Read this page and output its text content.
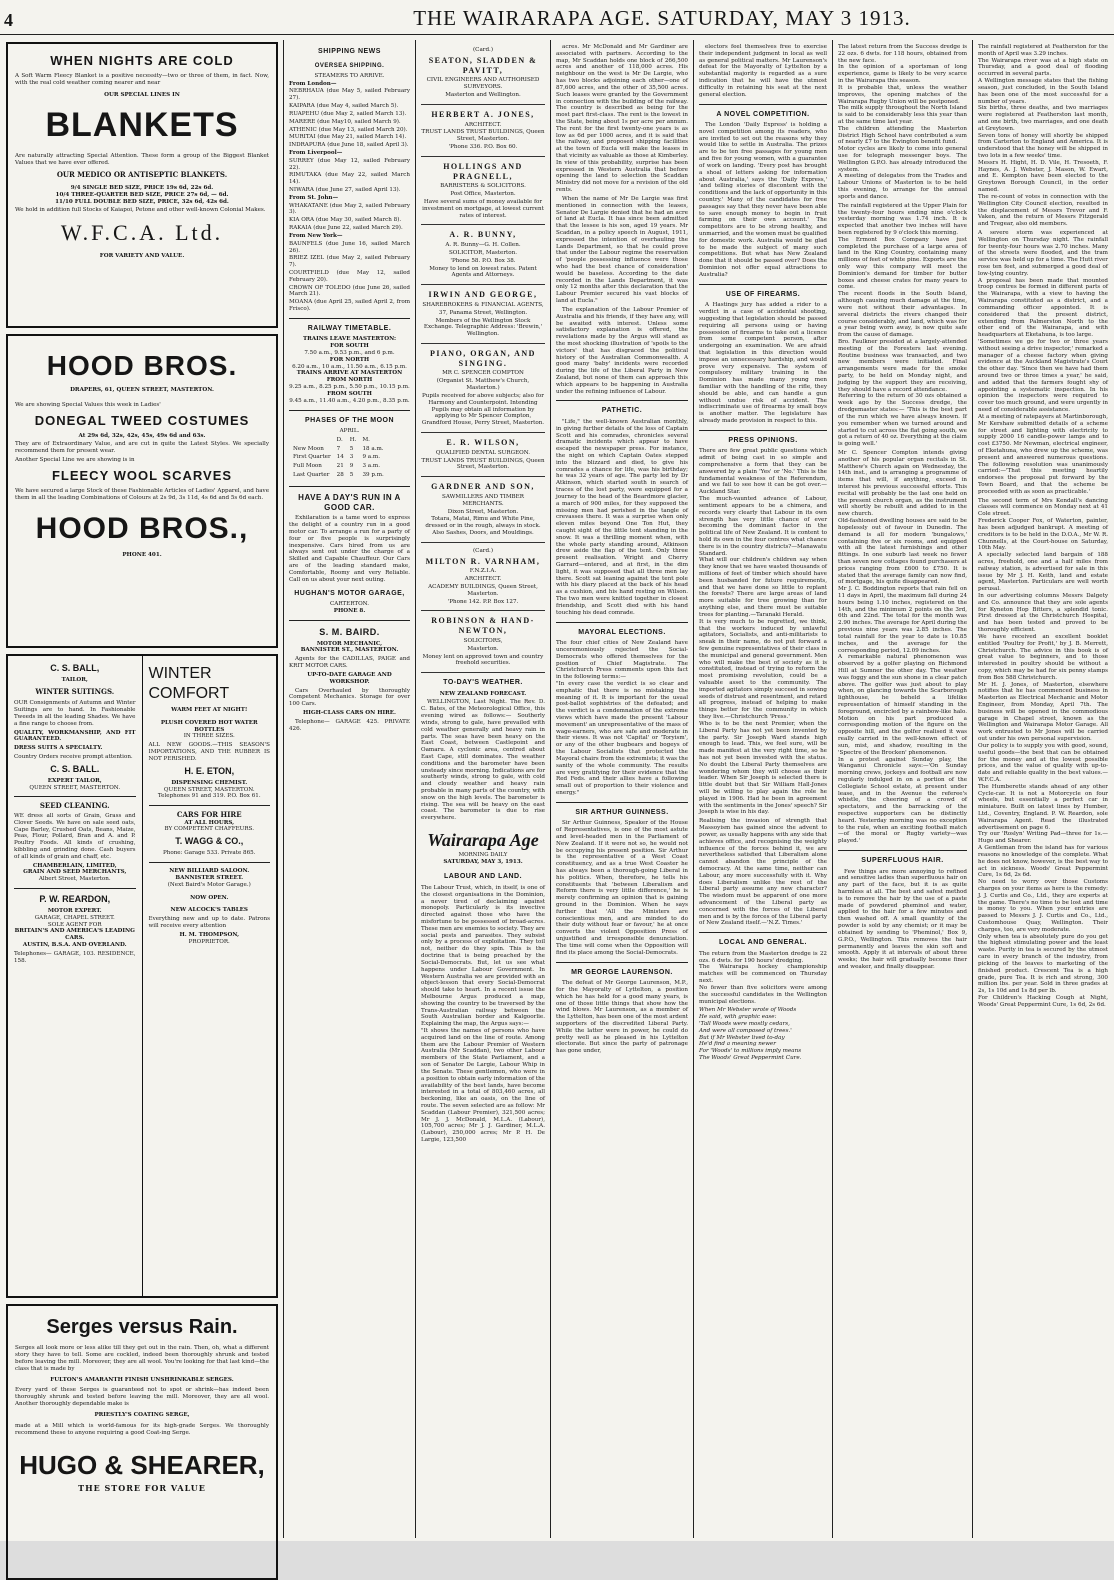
4	THE WAIRARAPA AGE. SATURDAY, MAY 3 1913.
WHEN NIGHTS ARE COLD

A Soft Warm Fleecy Blanket is a positive necessity—two or three of them, in fact. Now, with the real cold weather coming nearer and near

OUR SPECIAL LINES IN
BLANKETS

Are naturally attracting Special Attention. These form a group of the Biggest Blanket Values that we have ever offered.

OUR MEDICO OR ANTISEPTIC BLANKETS.
9/4 SINGLE BED SIZE, PRICE 19s 6d, 22s 6d.
10/4 THREE-QUARTER BED SIZE, PRICE 27s 6d, — 6d.
11/10 FULL DOUBLE BED SIZE, PRICE, 32s 6d, 42s 6d.

We hold in addition full Stocks of Kaiapoi, Petone and other well-known Colonial Makes.

W.F.C.A. Ltd.
FOR VARIETY AND VALUE.
HOOD BROS.
DRAPERS, 61, QUEEN STREET, MASTERTON.

We are showing Special Values this week in Ladies'

DONEGAL TWEED COSTUMES
At 29s 6d, 32s, 42s, 45s, 49s 6d and 63s.

They are of Extraordinary Value, and are cut in quite the Latest Styles. We specially recommend them for present wear.

Another Special Line we are showing is in

FLEECY WOOL SCARVES

We have secured a large Stock of these Fashionable Articles of Ladies' Apparel, and have them in all the leading Combinations of Colours at 2s 9d, 3s 11d, 4s 6d and 5s 6d each.

HOOD BROS.,
PHONE 401.
C. S. BALL,
TAILOR,
WINTER SUITINGS.

OUR Consignments of Autumn and Winter Suitings are to hand. In Fashionable Tweeds in all the leading Shades. We have a fine range to choose from.

QUALITY, WORKMANSHIP, AND FIT GUARANTEED.

DRESS SUITS A SPECIALTY.

Country Orders receive prompt attention.

C. S. BALL.
EXPERT TAILOR,
QUEEN STREET, MASTERTON.
SEED CLEANING.

WE dress all sorts of Grain, Grass and Clover Seeds. We have on sale seed oats, Cape Barley, Crushed Oats, Beans, Maize, Peas, Flour, Pollard, Bran and A. and P. Poultry Foods. All kinds of crushing, kibbling and grinding done. Cash buyers of all kinds of grain and chaff, etc.

CHAMBERLAIN, LIMITED,
GRAIN AND SEED MERCHANTS,
Albert Street, Masterton.
P. W. REARDON,
MOTOR EXPERT.
GARAGE, CHAPEL STREET.
SOLE AGENT FOR
BRITAIN'S AND AMERICA'S LEADING CARS.
AUSTIN, B.S.A. AND OVERLAND.

Telephones— GARAGE, 103. RESIDENCE, 158.

WINTER COMFORT
WARM FEET AT NIGHT!
PLUSH COVERED HOT WATER BOTTLES
IN THREE SIZES.

ALL NEW GOODS.—THIS SEASON'S IMPORTATIONS, AND THE RUBBER IS NOT PERISHED.

H. E. ETON,
DISPENSING CHEMIST.
QUEEN STREET, MASTERTON.
Telephones 91 and 319. P.O. Box 61.
CARS FOR HIRE
AT ALL HOURS,
BY COMPETENT CHAFFEURS.
T. WAGG & CO.,
Phone: Garage 533. Private 865.
NEW BILLIARD SALOON.
BANNISTER STREET.
(Next Baird's Motor Garage.)
NOW OPEN.
NEW ALCOCK'S TABLES

Everything new and up to date. Patrons will receive every attention

H. M. THOMPSON,
PROPRIETOR.
Serges versus Rain.

Serges all look more or less alike till they get out in the rain. Then, oh, what a different story they have to tell. Some are cockled, indeed been thoroughly shrunk and tested before leaving the mill. Moreover, they are all wool. You're looking for that last kind—the class that is made by

FULTON'S AMARANTH FINISH UNSHRINKABLE SERGES.

Every yard of these Serges is guaranteed not to spot or shrink—has indeed been thoroughly shrunk and tested before leaving the mill. Moreover, they are all wool. Another thoroughly dependable make is

PRIESTLY'S COATING SERGE,

made at a Mill which is world-famous for its high-grade Serges. We thoroughly recommend these to anyone requiring a good Coat-ing Serge.

HUGO & SHEARER,
THE STORE FOR VALUE
SHIPPING NEWS
OVERSEA SHIPPING.
STEAMERS TO ARRIVE.

From London—

NEBRHAUA (due May 5, sailed February 27).

KAIPARA (due May 4, sailed March 5).

RUAPEHU (due May 2, sailed March 13).

MARERE (due May10, sailed March 9).

ATHENIC (due May 13, sailed March 20).

MURITAI (due May 21, sailed March 14).

INDRAPURA (due June 18, sailed April 3).

From Liverpool—

SURREY (due May 12, sailed February 22).

RIMUTAKA (due May 22, sailed March 14).

NIWARA (due June 27, sailed April 13).

From St. John—

WHAKATANE (due May 2, sailed February 3).

KIA ORA (due May 30, sailed March 8).

RAKAIA (due June 22, sailed March 29).

From New York—

BAUNFELS (due June 16, sailed March 26).

BRIEZ IZEL (due May 2, sailed February 7).

COURTFIELD (due May 12, sailed February 20).

CROWN OF TOLEDO (due June 26, sailed March 21).

MOANA (due April 25, sailed April 2, from Frisco).

RAILWAY TIMETABLE.
TRAINS LEAVE MASTERTON:
FOR SOUTH
7.50 a.m., 9.53 p.m., and 6 p.m.
FOR NORTH
6.20 a.m., 10 a.m., 11.50 a.m., 6.15 p.m.
TRAINS ARRIVE AT MASTERTON
FROM NORTH
9.25 a.m., 8.25 p.m., 5.50 p.m., 10.15 p.m.
FROM SOUTH
9.45 a.m., 11.40 a.m., 4.20 p.m., 8.35 p.m.
PHASES OF THE MOON
APRIL.
	D.	H.	M.
New Moon	7	5	18 a.m.
First Quarter	14	3	9 a.m.
Full Moon	21	9	3 a.m.
Last Quarter	28	5	39 p.m.
HAVE A DAY'S RUN IN A GOOD CAR.

Exhilaration is a tame word to express the delight of a country run in a good motor car. To arrange a run for a party of four or five people is surprisingly inexpensive. Cars hired from us are always sent out under the charge of a Skilled and Capable Chauffeur. Our Cars are of the leading standard make, Comfortable, Roomy and very Reliable. Call on us about your next outing.

HUGHAN'S MOTOR GARAGE,
CARTERTON.
PHONE 8.
S. M. BAIRD.
MOTOR MECHANIC,
BANNISTER ST., MASTERTON.

Agents for the CADILLAS, PAIGE and KRIT MOTOR CARS.

UP-TO-DATE GARAGE AND WORKSHOP.

Cars Overhauled by thoroughly Competent Mechanics. Storage for over 100 Cars.

HIGH-CLASS CARS ON HIRE.

Telephone— GARAGE 425. PRIVATE 426.

(Card.)

SEATON, SLADDEN & PAVITT,

CIVIL ENGINEERS AND AUTHORISED SURVEYORS.

Masterton and Wellington.

HERBERT A. JONES,

ARCHITECT.

TRUST LANDS TRUST BUILDINGS, Queen Street, Masterton.

'Phone 336. P.O. Box 60.

HOLLINGS AND PRAGNELL,

BARRISTERS & SOLICITORS.

Post Office, Masterton.

Have several sums of money available for investment on mortgage, at lowest current rates of interest.

A. R. BUNNY,

A. R. Bunny—G. H. Collen.

SOLICITOR, Masterton.

'Phone 58. P.O. Box 38.

Money to lend on lowest rates. Patent Agents and Attorneys.

IRWIN AND GEORGE,

SHAREBROKERS & FINANCIAL AGENTS,

37, Panama Street, Wellington.

Members of the Wellington Stock Exchange. Telegraphic Address: 'Brewin,' Wellington.

PIANO, ORGAN, AND SINGING.

MR C. SPENCER COMPTON

(Organist St. Matthew's Church, Masterton.)

Pupils received for above subjects; also for Harmony and Counterpoint. Intending Pupils may obtain all information by applying to Mr Spencer Compton, Grandford House, Perry Street, Masterton.

E. R. WILSON,

QUALIFIED DENTAL SURGEON.

TRUST LANDS TRUST BUILDINGS, Queen Street, Masterton.

GARDNER AND SON,

SAWMILLERS AND TIMBER MERCHANTS.

Dixon Street, Masterton.

Totara, Matai, Rimu and White Pine, dressed or in the rough, always in stock. Also Sashes, Doors, and Mouldings.

(Card.)

MILTON R. VARNHAM,

F.N.Z.I.A.

ARCHITECT.

ACADEMY BUILDINGS, Queen Street, Masterton.

'Phone 142. P.P. Box 127.

ROBINSON & HAND-NEWTON,

SOLICITORS,

Masterton.

Money lent on approved town and country freehold securities.

TO-DAY'S WEATHER.
NEW ZEALAND FORECAST.

WELLINGTON, Last Night. The Rev. D. C. Bates, of the Meteorological Office, this evening wired as follows:— Southerly winds, strong to gale, have prevailed with cold weather generally and heavy rain in parts. The seas have been heavy on the East Coast, between Castlepoint and Oamaru. A cyclonic area, centred about East Cape, still dominates. The weather conditions and the barometer have been unsteady since morning. Indications are for southerly winds, strong to gale, with cold and cloudy weather and heavy rain probable in many parts of the country, with snow on the high levels. The barometer is rising. The sea will be heavy on the east coast. The barometer is due to rise everywhere.

Wairarapa Age
MORNING DAILY
SATURDAY, MAY 3, 1913.
LABOUR AND LAND.
The Labour Trust, which, in itself, is one of the closest organisations in the Dominion, a never tired of declaiming against monopoly. Particularly is its invective directed against those who have the misfortune to be possessed of broad-acres. These men are enemies to society. They are social pests and parasites. They subsist only by a process of exploitation. They toil not, neither do they spin. This is the doctrine that is being preached by the Social-Democrats. But, let us see what happens under Labour Government. In Western Australia we are provided with an object-lesson that every Social-Democrat should take to heart. In a recent issue the Melbourne Argus produced a map, showing the country to be traversed by the Trans-Australian railway between the South Australian border and Kalgoorlie. Explaining the map, the Argus says:—
"It shows the names of persons who have acquired land on the line of route. Among them are the Labour Premier of Western Australia (Mr Scaddan), two other Labour members of the State Parliament, and a son of Senator De Largie, Labour Whip in the Senate. These gentlemen, who were in a position to obtain early information of the availability of the best lands, have become interested in a total of 803,460 acres, all beckoning, like an oasis, on the line of route. The seven selected are as follow: Mr Scaddan (Labour Premier), 321,500 acres; Mr J. J. McDonald, M.L.A. (Labour), 105,700 acres; Mr J. J. Gardiner, M.L.A. (Labour), 250,000 acres; Mr P. H. De Largie, 123,500

acres. Mr McDonald and Mr Gardiner are associated with partners. According to the map, Mr Scaddan holds one block of 266,500 acres and another of 118,000 acres. His neighbour on the west is Mr De Largie, who has two blocks adjoining each other—one of 87,600 acres, and the other of 35,500 acres. Such leases were granted by the Government in connection with the building of the railway. The country is described as being for the most part first-class. The rent is the lowest in the State, being about 1s per acre per annum. The rent for the first twenty-one years is as low as 6d per 1000 acres, and it is said that the railway, and proposed shipping facilities at the town of Eucla will make the leases in that vicinity as valuable as those at Kimberley. In view of this probability, surprise has been expressed in Western Australia that before opening the land to selection the Scaddan Ministry did not move for a revision of the old rents.

When the name of Mr De Largie was first mentioned in connection with the leases, Senator De Largie denied that he had an acre of land at Eucla. It has since been admitted that the lessee is his son, aged 19 years. Mr Scaddan, in a policy speech in August, 1911, expressed the intention of overhauling the Lands Department, so that he could prove that under the Labour regime the reservation of 'people possessing influence were those who had the best chance of consideration' would be baseless. According to the date recorded in the Lands Department, it was only 12 months after this declaration that the Labour Premier secured his vast blocks of land at Eucla."

The explanation of the Labour Premier of Australia and his friends, if they have any, will be awaited with interest. Unless some satisfactory explanation is offered, the revelations made by the Argus will stand as the most shocking illustration of 'spoils to the victors' that has disgraced the political history of the Australian Commonwealth. A good many 'baby' incidents were recorded during the life of the Liberal Party in New Zealand, but none of them can approach this which appears to be happening in Australia under the refining influence of Labour.

PATHETIC.

"Life," the well-known Australian monthly, in giving further details of the loss of Captain Scott and his comrades, chronicles several dramatic incidents which appear to have escaped the newspaper press. For instance, the night on which Captain Oates stepped into the blizzard and died, to give his comrades a chance for life, was his birthday; he was 32 years of age. The party led by Dr Atkinson, which started south in search of traces of the lost party, were equipped for a journey to the head of the Beardmore glacier, a march of 900 miles, for they supposed the missing men had perished in the tangle of crevasses there. It was a surprise when only eleven miles beyond One Ton Hut, they caught sight of the little tent standing in the snow. It was a thrilling moment when, with the whole party standing around, Atkinson drew aside the flap of the tent. Only three present realisation. Wright and Cherry Garrard—entered, and at first, in the dim light, it was supposed that all three men lay there. Scott sat leaning against the tent pole with his diary placed at the back of his head as a cushion, and his hand resting on Wilson. The two men were knitted together in closest friendship, and Scott died with his hand touching his dead comrade.

MAYORAL ELECTIONS.
The four chief cities of New Zealand have unceremoniously rejected the Social-Democrats who offered themselves for the position of Chief Magistrate. The Christchurch Press comments upon this fact in the following terms:—
"In every case the verdict is so clear and emphatic that there is no mistaking the meaning of it. It is important for the usual post-ballot sophistries of the defeated; and the verdict is a condemnation of the extreme views which have made the present 'Labour movement' an unrepresentative of the mass of wage-earners, who are safe and moderate in their views. It was not 'Capital' or 'Toryism', or any of the other bugbears and bogeys of the Labour Socialists that protected the Mayoral chairs from the extremists; it was the sanity of the whole community. The results are very gratifying for their evidence that the Red Feds. and their allies have a following small out of proportion to their violence and energy."
SIR ARTHUR GUINNESS.

Sir Arthur Guinness, Speaker of the House of Representatives, is one of the most astute and level-headed men in the Parliament of New Zealand. If it were not so, he would not be occupying his present position. Sir Arthur is the representative of a West Coast constituency, and as a true West Coaster he has always been a thorough-going Liberal in his politics. When, therefore, he tells his constituents that 'between Liberalism and Reform there is very little difference,' he is merely confirming an opinion that is gaining ground in the Dominion. When he says further that 'All the Ministers are conscientious men, and are minded to do their duty without fear or favour,' he at once converts the violent Opposition Press of unjustified and irresponsible denunciation. The time will come when the Opposition will find its place among the Social-Democrats.

MR GEORGE LAURENSON.

The defeat of Mr George Laurenson, M.P., for the Mayoralty of Lyttelton, a position which he has held for a good many years, is one of those little things that show how the wind blows. Mr Laurenson, as a member of the Lyttelton, has been one of the most ardent supporters of the discredited Liberal Party. While the latter were in power, he could do pretty well as he pleased in his Lyttelton electorate. But since the party of patronage has gone under,

electors feel themselves free to exercise their independent judgment in local as well as general political matters. Mr Laurenson's defeat for the Mayoralty of Lyttelton by a substantial majority is regarded as a sure indication that he will have the utmost difficulty in retaining his seat at the next general election.

A NOVEL COMPETITION.

The London 'Daily Express' is holding a novel competition among its readers, who are invited to set out the reasons why they would like to settle in Australia. The prizes are to be ten free passages for young men and five for young women, with a guarantee of work on landing. 'Every post has brought a shoal of letters asking for information about Australia,' says the 'Daily Express,' 'and telling stories of discontent with the conditions and the lack of opportunity in this country.' Many of the candidates for free passages say that they never have been able to save enough money to begin in fruit farming on their own account.' The competitors are to be strong healthy, and unmarried, and the women must be qualified for domestic work. Australia would be glad to be made the subject of many such competitions. But what has New Zealand done that it should be passed over? Does the Dominion not offer equal attractions to Australia?

USE OF FIREARMS.

A Hastings jury has added a rider to a verdict in a case of accidental shooting, suggesting that legislation should be passed requiring all persons using or having possession of firearms to take out a licence from some competent person, after undergoing an examination. We are afraid that legislation in this direction would impose an unnecessary hardship, and would prove very expensive. The system of compulsory military training in the Dominion has made many young men familiar with the handling of the rifle, they should be able, and can handle a gun without undue risk of accident. The indiscriminate use of firearms by small boys is another matter. The legislature has already made provision in respect to this.

PRESS OPINIONS.
There are few great public questions which admit of being cast in so simple and comprehensive a form that they can be answered by a plain 'Yes' or 'No.' This is the fundamental weakness of the Referendum, and we fail to see how it can be got over.—Auckland Star.
The much-vaunted advance of Labour, sentiment appears to be a chimera, and records very clearly that Labour in its own strength has very little chance of ever becoming the dominant factor in the political life of New Zealand. It is content to hold its own in the four centres what chance there is in the country districts?—Manawatu Standard.
What will our children's children say when they know that we have wasted thousands of millions of feet of timber which should have been husbanded for future requirements, and that we have done so little to replant the forests? There are large areas of land more suitable for tree growing than for anything else, and there must be suitable trees for planting.—Taranaki Herald.
It is very much to be regretted, we think, that the workers induced by unlawful agitators, Socialists, and anti-militarists to sneak in their name, do not put forward a few genuine representatives of their class in the municipal and general government. Men who will make the best of society as it is constituted, instead of trying to reform the most promising revolution, could be a valuable asset to the community. The imported agitators simply succeed in sowing seeds of distrust and resentment, and retard all progress, instead of helping to make things better for the community in which they live.—Christchurch 'Press.'
Who is to be the next Premier, when the Liberal Party has not yet been invented by the party. Sir Joseph Ward stands high enough to lead. This, we feel sure, will be made manifest at the very right time, so he has not yet been invested with the status. No doubt the Liberal Party themselves are wondering whom they will choose as their leader. When Sir Joseph is selected there is little doubt but that Sir William Hall-Jones will be willing to play again the role he played in 1906. Had he been in agreement with the sentiments in the Jones' speech? Sir Joseph is wise in his day.
Realising the invasion of strength that Massoyism has gained since the advent to power, as usually happens with any side that achieves office, and recognising the weighty influence of the forces behind it, we are nevertheless satisfied that Liberalism alone cannot abandon the principle of the democracy. At the same time, neither can Labour, any more successfully with it. Why does Liberalism unlike the rest of the Liberal party assume any new character? The wisdom must be apparent of one more advancement of the Liberal party as concerned with the forces of the Liberal men and is by the forces of the Liberal party of New Zealand itself.—'N.Z. Times.'
LOCAL AND GENERAL.
The return from the Masterton dredge is 22 ozs. 6 dwts. for 190 hours' dredging.
The Wairarapa hockey championship matches will be commenced on Thursday next.
No fewer than five solicitors were among the successful candidates in the Wellington municipal elections.
When Mr Webster wrote of Woods
He said, with graphic ease:
'Tall Woods were mostly cedars,
And were all composed of trees.'
But if Mr Webster lived to-day
He'd find a meaning newer
For 'Woods' to millions imply means
The Woods' Great Peppermint Cure.
The latest return from the Success dredge is 22 ozs. 6 dwts. for 118 hours, obtained from the new face.
In the opinion of a sportsman of long experience, game is likely to be very scarce in the Wairarapa this season.
It is probable that, unless the weather improves, the opening matches of the Wairarapa Rugby Union will be postponed.
The milk supply throughout the North Island is said to be considerably less this year than at the same time last year.
The children attending the Masterton District High School have contributed a sum of nearly £7 to the Ewington benefit fund.
Motor cycles are likely to come into general use for telegraph messenger boys. The Wellington G.P.O. has already introduced the system.
A meeting of delegates from the Trades and Labour Unions of Masterton is to be held this evening, to arrange for the annual sports and dance.
The rainfall registered at the Upper Plain for the twenty-four hours ending nine o'clock yesterday morning was 1.74 inch. It is expected that another two inches will have been registered by 9 o'clock this morning.
The Ermont Box Company have just completed the purchase of a large area of land in the King Country, containing many millions of feet of white pine. Exports are the only way this company will meet the Dominion's demand for timber for butter boxes and cheese crates for many years to come.
The recent floods in the South Island, although causing much damage at the time, were not without their advantages. In several districts the rivers changed their course considerably, and land, which was for a year being worn away, is now quite safe from the cause of damage.
Bro. Faulkner presided at a largely-attended meeting of the Foresters last evening. Routine business was transacted, and two new members were initiated. Final arrangements were made for the smoke party, to be held on Monday night, and judging by the support they are receiving, they should have a record attendance.
Referring to the return of 30 ozs obtained a week ago by the Success dredge, the dredgemaster states:— 'This is the best part of the run which we have always known. If you remember when we turned around and started to cut across the flat going south, we got a return of 40 oz. Everything at the claim is going well.'
Mr C. Spencer Compton intends giving another of his popular organ recitals in St. Matthew's Church again on Wednesday, the 14th inst., and is arranging a programme of items that will, if anything, exceed in interest his previous successful efforts. This recital will probably be the last one held on the present church organ, as the instrument will shortly be rebuilt and added to in the new church.
Old-fashioned dwelling houses are said to be hopelessly out of favour in Dunedin. The demand is all for modern 'bungalows,' containing five or six rooms, and equipped with all the latest furnishings and other fittings. In one suburb last week no fewer than seven new cottages found purchasers at prices ranging from £600 to £750. It is stated that the average family can now find, of mortgage, his quite disappeared.
Mr J. C. Boddington reports that rain fell on 11 days in April, the maximum fall during 24 hours being 1.10 inches, registered on the 14th, and the minimum 2 points on the 3rd, 6th and 22nd. The total for the month was 2.90 inches. The average for April during the previous nine years was 2.85 inches. The total rainfall for the year to date is 10.85 inches, and the average for the corresponding period, 12.09 inches.
A remarkable natural phenomenon was observed by a golfer playing on Richmond Hill at Sumner the other day. The weather was foggy and the sun shone in a clear patch above. The golfer was just about to play when, on glancing towards the Scarborough lighthouse, he beheld a lifelike representation of himself standing in the foreground, encircled by a rainbow-like halo. Motion on his part produced a corresponding motion of the figure on the opposite hill, and the golfer realised it was really carried in the well-known effect of sun, mist, and shadow, resulting in the 'Spectre of the Brocken' phenomenon.
In a protest against Sunday play, the Wanganui Chronicle says:—'On Sunday morning crews, jockeys and football are now regularly indulged in on a portion of the Collegiate School estate, at present under lease, and in the Avenue the referee's whistle, the cheering of a crowd of spectators, and the barracking of the respective supporters can be distinctly heard. Yesterday morning was no exception to the rule, when an exciting football match—of the moral or Rugby variety—was played.'
SUPERFLUOUS HAIR.

Few things are more annoying to refined and sensitive ladies than superfluous hair on any part of the face, but it is as quite harmless at all. The best and safest method is to remove the hair by the use of a paste made of powdered pheminol and water, applied to the hair for a few minutes and then washed off. A small quantity of the powder is sold by any chemist; or it may be obtained by sending to 'Pheminol,' Box 9, G.P.O., Wellington. This removes the hair permanently and leaves the skin soft and smooth. Apply it at intervals of about three weeks; the hair will gradually become finer and weaker, and finally disappear.

The rainfall registered at Featherston for the month of April was 3.29 inches.
The Wairarapa river was at a high state on Thursday, and a good deal of flooding occurred in several parts.
A Wellington message states that the fishing season, just concluded, in the South Island has been one of the most successful for a number of years.
Six births, three deaths, and two marriages were registered at Featherston last month, and one birth, two marriages, and one death at Greytown.
Seven tons of honey will shortly be shipped from Carterton to England and America. It is understood that the honey will be shipped in two lots in a few weeks' time.
Messrs H. Hight, H. D. Vile, H. Tresoeth, F. Haynes, A. J. Webster, J. Mason, W. Ewart, and E. Kempton have been elected to the Greytown Borough Council, in the order named.
The re-count of votes in connection with the Wellington City Council election, resulted in the displacement of Messrs Trevor and F. Vaken, and the return of Messrs Fitzgerald and Tregear, also old members.
A severe storm was experienced at Wellington on Thursday night. The rainfall for twenty-four hours was 2.70 inches. Many of the streets were flooded, and the tram service was held up for a time. The Hutt river rose ten feet, and submerged a good deal of low-lying country.
A proposal has been made that mounted troop centres be formed in different parts of the Wairarapa, with a view to having the Wairarapa constituted as a district, and a commanding officer appointed. It is considered that the present district, extending from Palmerston North to the other end of the Wairarapa, and with headquarters at Eketahuna, is too large.
'Sometimes we go for two or three years without seeing a drive inspector,' remarked a manager of a cheese factory when giving evidence at the Auckland Magistrate's Court the other day. 'Since then we have had them around two or three times a year,' he said, and added that the farmers fought shy of appointing a systematic inspection. In his opinion the inspectors were required to cover too much ground, and were urgently in need of considerable assistance.
At a meeting of ratepayers at Martinborough, Mr Kershaw submitted details of a scheme for street and lighting with electricity to supply 2000 16 candle-power lamps and to cost £3750. Mr Newman, electrical engineer, of Eketahuna, who drew up the scheme, was present and answered numerous questions. The following resolution was unanimously carried:—'That this meeting heartily endorses the proposal put forward by the Town Board, and that the scheme be proceeded with as soon as practicable.'
The second term of Mrs Kendall's dancing classes will commence on Monday next at 41 Cole street.
Frederick Cooper Fox, of Waterton, painter, has been adjudged bankrupt. A meeting of creditors is to be held in the D.O.A., Mr W. R. Chunnells, at the Court-house on Saturday, 10th May.
A specially selected land bargain of 188 acres, freehold, one and a half miles from railway station, is advertised for sale in this issue by Mr J. H. Keith, land and estate agent, Masterton. Particulars are well worth perusal.
In our advertising columns Messrs Dalgety and Co. announce that they are sole agents for Kyneton Hop Bitters, a splendid tonic. Pirst dressed at the Christchurch Hospital, and has been tested and proved to be thoroughly efficient.
We have received an excellent booklet entitled 'Poultry for Profit,' by J. B. Merrett, Christchurch. The advice in this book is of great value to beginners, and to those interested in poultry should be without a copy, which may be had for six penny stamps from Box 588 Christchurch.
Mr H. J. Jones, of Masterton, elsewhere notifies that he has commenced business in Masterton as Electrical Mechanic and Motor Engineer, from Monday, April 7th. The business will be opened in the commodious garage in Chapel street, known as the Wellington and Wairarapa Motor Garage. All work entrusted to Mr Jones will be carried out under his own personal supervision.
Our policy is to supply you with good, sound, useful goods—the best that can be obtained for the money and at the lowest possible prices, and the value of quality with up-to-date and reliable quality in the best values.—W.F.C.A.
The Humberette stands ahead of any other Cycle-car. It is not a Motorcycle on four wheels, but essentially a perfect car in miniature. Built on latest lines by Humber, Ltd., Coventry, England. P. W. Reardon, sole Wairarapa Agent. Read the illustrated advertisement on page 6.
Try our 'Roslyn' Writing Pad—three for 1s.—Hugo and Shearer.
A Gentleman from the island has for various reasons no knowledge of the complete. What he does not know, however, is the best way to act in sickness. Woods' Great Peppermint Cure, 1s 6d, 2s 6d.
No need to worry over those Customs charges on your items as here is the remedy: J. J. Curtis and Co., Ltd., they are experts at the game. There's no time to be lost and time is money to you. When your entries are passed to Messrs J. J. Curtis and Co., Ltd., Customhouse Quay, Wellington. Their charges, too, are very moderate.
Only when tea is absolutely pure do you get the highest stimulating power and the least waste. Purity in tea is secured by the utmost care in every branch of the industry, from picking of the leaves to marketing of the finished product. Crescent Tea is a high grade, pure Tea. It is rich and strong, 300 million lbs. per year. Sold in three grades at 2s, 1s 10d and 1s 8d per lb.
For Children's Hacking Cough at Night, Woods' Great Peppermint Cure, 1s 6d, 2s 6d.
